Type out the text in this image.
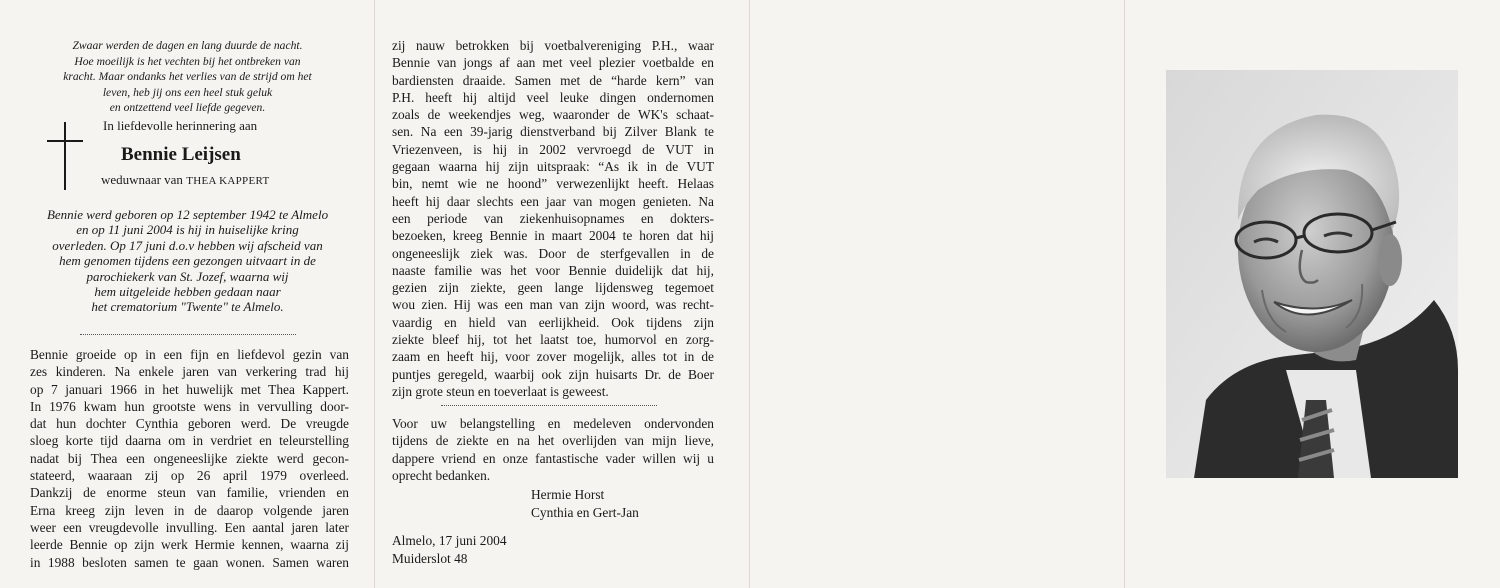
Zwaar werden de dagen en lang duurde de nacht.
Hoe moeilijk is het vechten bij het ontbreken van
kracht. Maar ondanks het verlies van de strijd om het
leven, heb jij ons een heel stuk geluk
en ontzettend veel liefde gegeven.
In liefdevolle herinnering aan
Bennie Leijsen
weduwnaar van THEA KAPPERT
Bennie werd geboren op 12 september 1942 te Almelo
en op 11 juni 2004 is hij in huiselijke kring
overleden. Op 17 juni d.o.v hebben wij afscheid van
hem genomen tijdens een gezongen uitvaart in de
parochiekerk van St. Jozef, waarna wij
hem uitgeleide hebben gedaan naar
het crematorium "Twente" te Almelo.
Bennie groeide op in een fijn en liefdevol gezin van
zes kinderen. Na enkele jaren van verkering trad hij
op 7 januari 1966 in het huwelijk met Thea Kappert.
In 1976 kwam hun grootste wens in vervulling door-
dat hun dochter Cynthia geboren werd. De vreugde
sloeg korte tijd daarna om in verdriet en teleurstelling
nadat bij Thea een ongeneeslijke ziekte werd gecon-
stateerd, waaraan zij op 26 april 1979 overleed.
Dankzij de enorme steun van familie, vrienden en
Erna kreeg zijn leven in de daarop volgende jaren
weer een vreugdevolle invulling. Een aantal jaren later
leerde Bennie op zijn werk Hermie kennen, waarna zij
in 1988 besloten samen te gaan wonen. Samen waren
zij nauw betrokken bij voetbalvereniging P.H., waar
Bennie van jongs af aan met veel plezier voetbalde en
bardiensten draaide. Samen met de “harde kern” van
P.H. heeft hij altijd veel leuke dingen ondernomen
zoals de weekendjes weg, waaronder de WK's schaat-
sen. Na een 39-jarig dienstverband bij Zilver Blank te
Vriezenveen, is hij in 2002 vervroegd de VUT in
gegaan waarna hij zijn uitspraak: “As ik in de VUT
bin, nemt wie ne hoond” verwezenlijkt heeft. Helaas
heeft hij daar slechts een jaar van mogen genieten. Na
een periode van ziekenhuisopnames en dokters-
bezoeken, kreeg Bennie in maart 2004 te horen dat hij
ongeneeslijk ziek was. Door de sterfgevallen in de
naaste familie was het voor Bennie duidelijk dat hij,
gezien zijn ziekte, geen lange lijdensweg tegemoet
wou zien. Hij was een man van zijn woord, was recht-
vaardig en hield van eerlijkheid. Ook tijdens zijn
ziekte bleef hij, tot het laatst toe, humorvol en zorg-
zaam en heeft hij, voor zover mogelijk, alles tot in de
puntjes geregeld, waarbij ook zijn huisarts Dr. de Boer
zijn grote steun en toeverlaat is geweest.
Voor uw belangstelling en medeleven ondervonden
tijdens de ziekte en na het overlijden van mijn lieve,
dappere vriend en onze fantastische vader willen wij u
oprecht bedanken.
Hermie Horst
Cynthia en Gert-Jan
Almelo, 17 juni 2004
Muiderslot 48
